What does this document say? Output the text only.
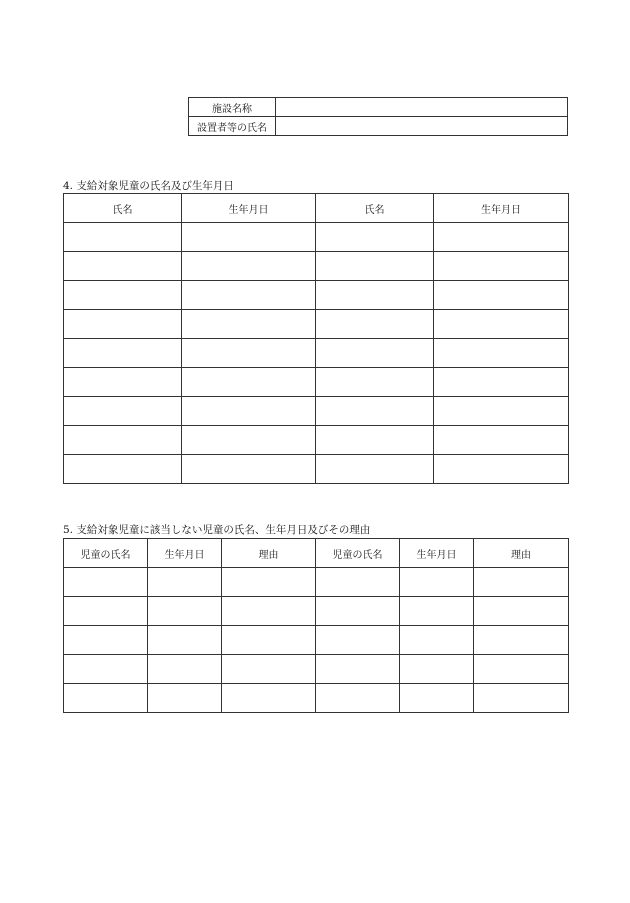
施設名称	
設置者等の氏名	

4. 支給対象児童の氏名及び生年月日

氏名	生年月日	氏名	生年月日

5. 支給対象児童に該当しない児童の氏名、生年月日及びその理由

児童の氏名	生年月日	理由	児童の氏名	生年月日	理由
